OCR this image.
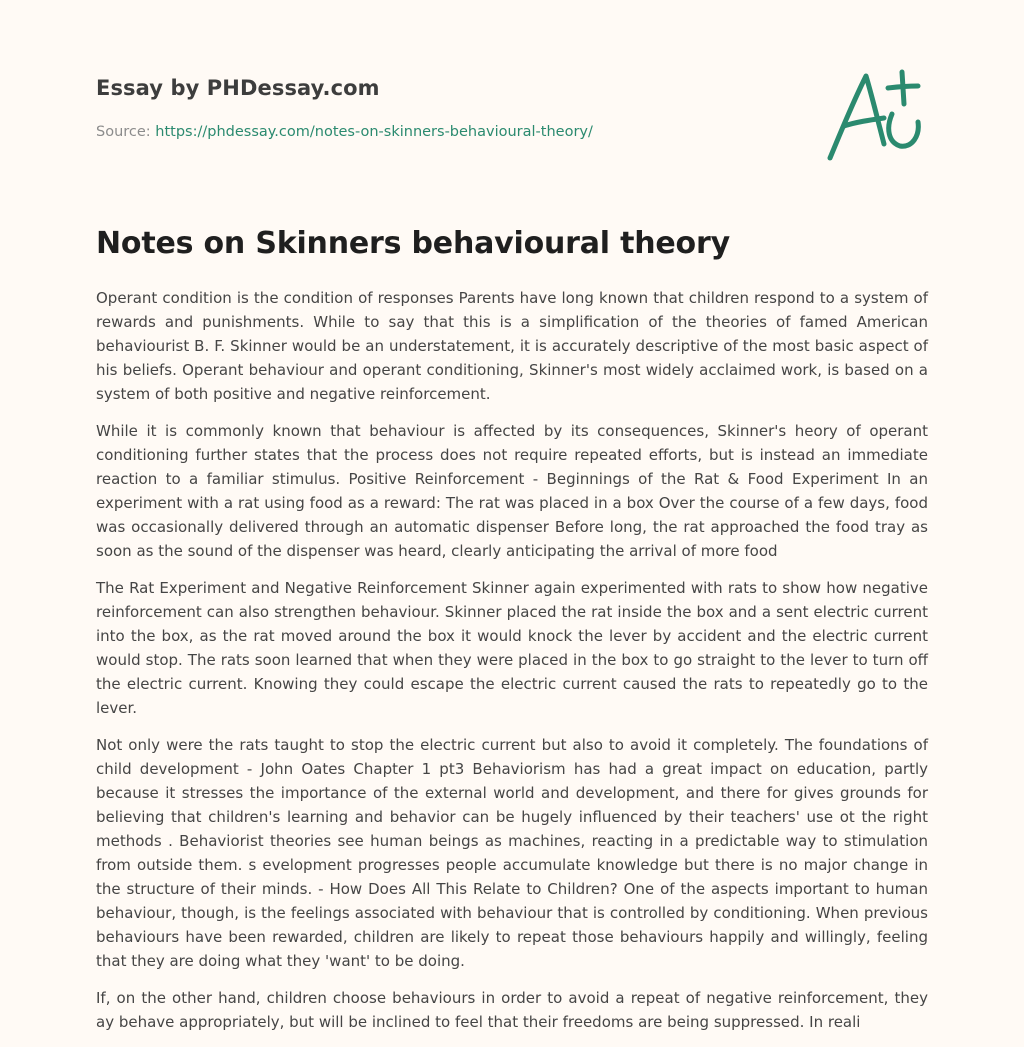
Essay by PHDessay.com
Source: https://phdessay.com/notes-on-skinners-behavioural-theory/
Notes on Skinners behavioural theory

Operant condition is the condition of responses Parents have long known that children respond to a system of rewards and punishments. While to say that this is a simplification of the theories of famed American behaviourist B. F. Skinner would be an understatement, it is accurately descriptive of the most basic aspect of his beliefs. Operant behaviour and operant conditioning, Skinner's most widely acclaimed work, is based on a system of both positive and negative reinforcement.

While it is commonly known that behaviour is affected by its consequences, Skinner's heory of operant conditioning further states that the process does not require repeated efforts, but is instead an immediate reaction to a familiar stimulus. Positive Reinforcement - Beginnings of the Rat & Food Experiment In an experiment with a rat using food as a reward: The rat was placed in a box Over the course of a few days, food was occasionally delivered through an automatic dispenser Before long, the rat approached the food tray as soon as the sound of the dispenser was heard, clearly anticipating the arrival of more food

The Rat Experiment and Negative Reinforcement Skinner again experimented with rats to show how negative reinforcement can also strengthen behaviour. Skinner placed the rat inside the box and a sent electric current into the box, as the rat moved around the box it would knock the lever by accident and the electric current would stop. The rats soon learned that when they were placed in the box to go straight to the lever to turn off the electric current. Knowing they could escape the electric current caused the rats to repeatedly go to the lever.

Not only were the rats taught to stop the electric current but also to avoid it completely. The foundations of child development - John Oates Chapter 1 pt3 Behaviorism has had a great impact on education, partly because it stresses the importance of the external world and development, and there for gives grounds for believing that children's learning and behavior can be hugely influenced by their teachers' use ot the right methods . Behaviorist theories see human beings as machines, reacting in a predictable way to stimulation from outside them. s evelopment progresses people accumulate knowledge but there is no major change in the structure of their minds. - How Does All This Relate to Children? One of the aspects important to human behaviour, though, is the feelings associated with behaviour that is controlled by conditioning. When previous behaviours have been rewarded, children are likely to repeat those behaviours happily and willingly, feeling that they are doing what they 'want' to be doing.

If, on the other hand, children choose behaviours in order to avoid a repeat of negative reinforcement, they ay behave appropriately, but will be inclined to feel that their freedoms are being suppressed. In reali
